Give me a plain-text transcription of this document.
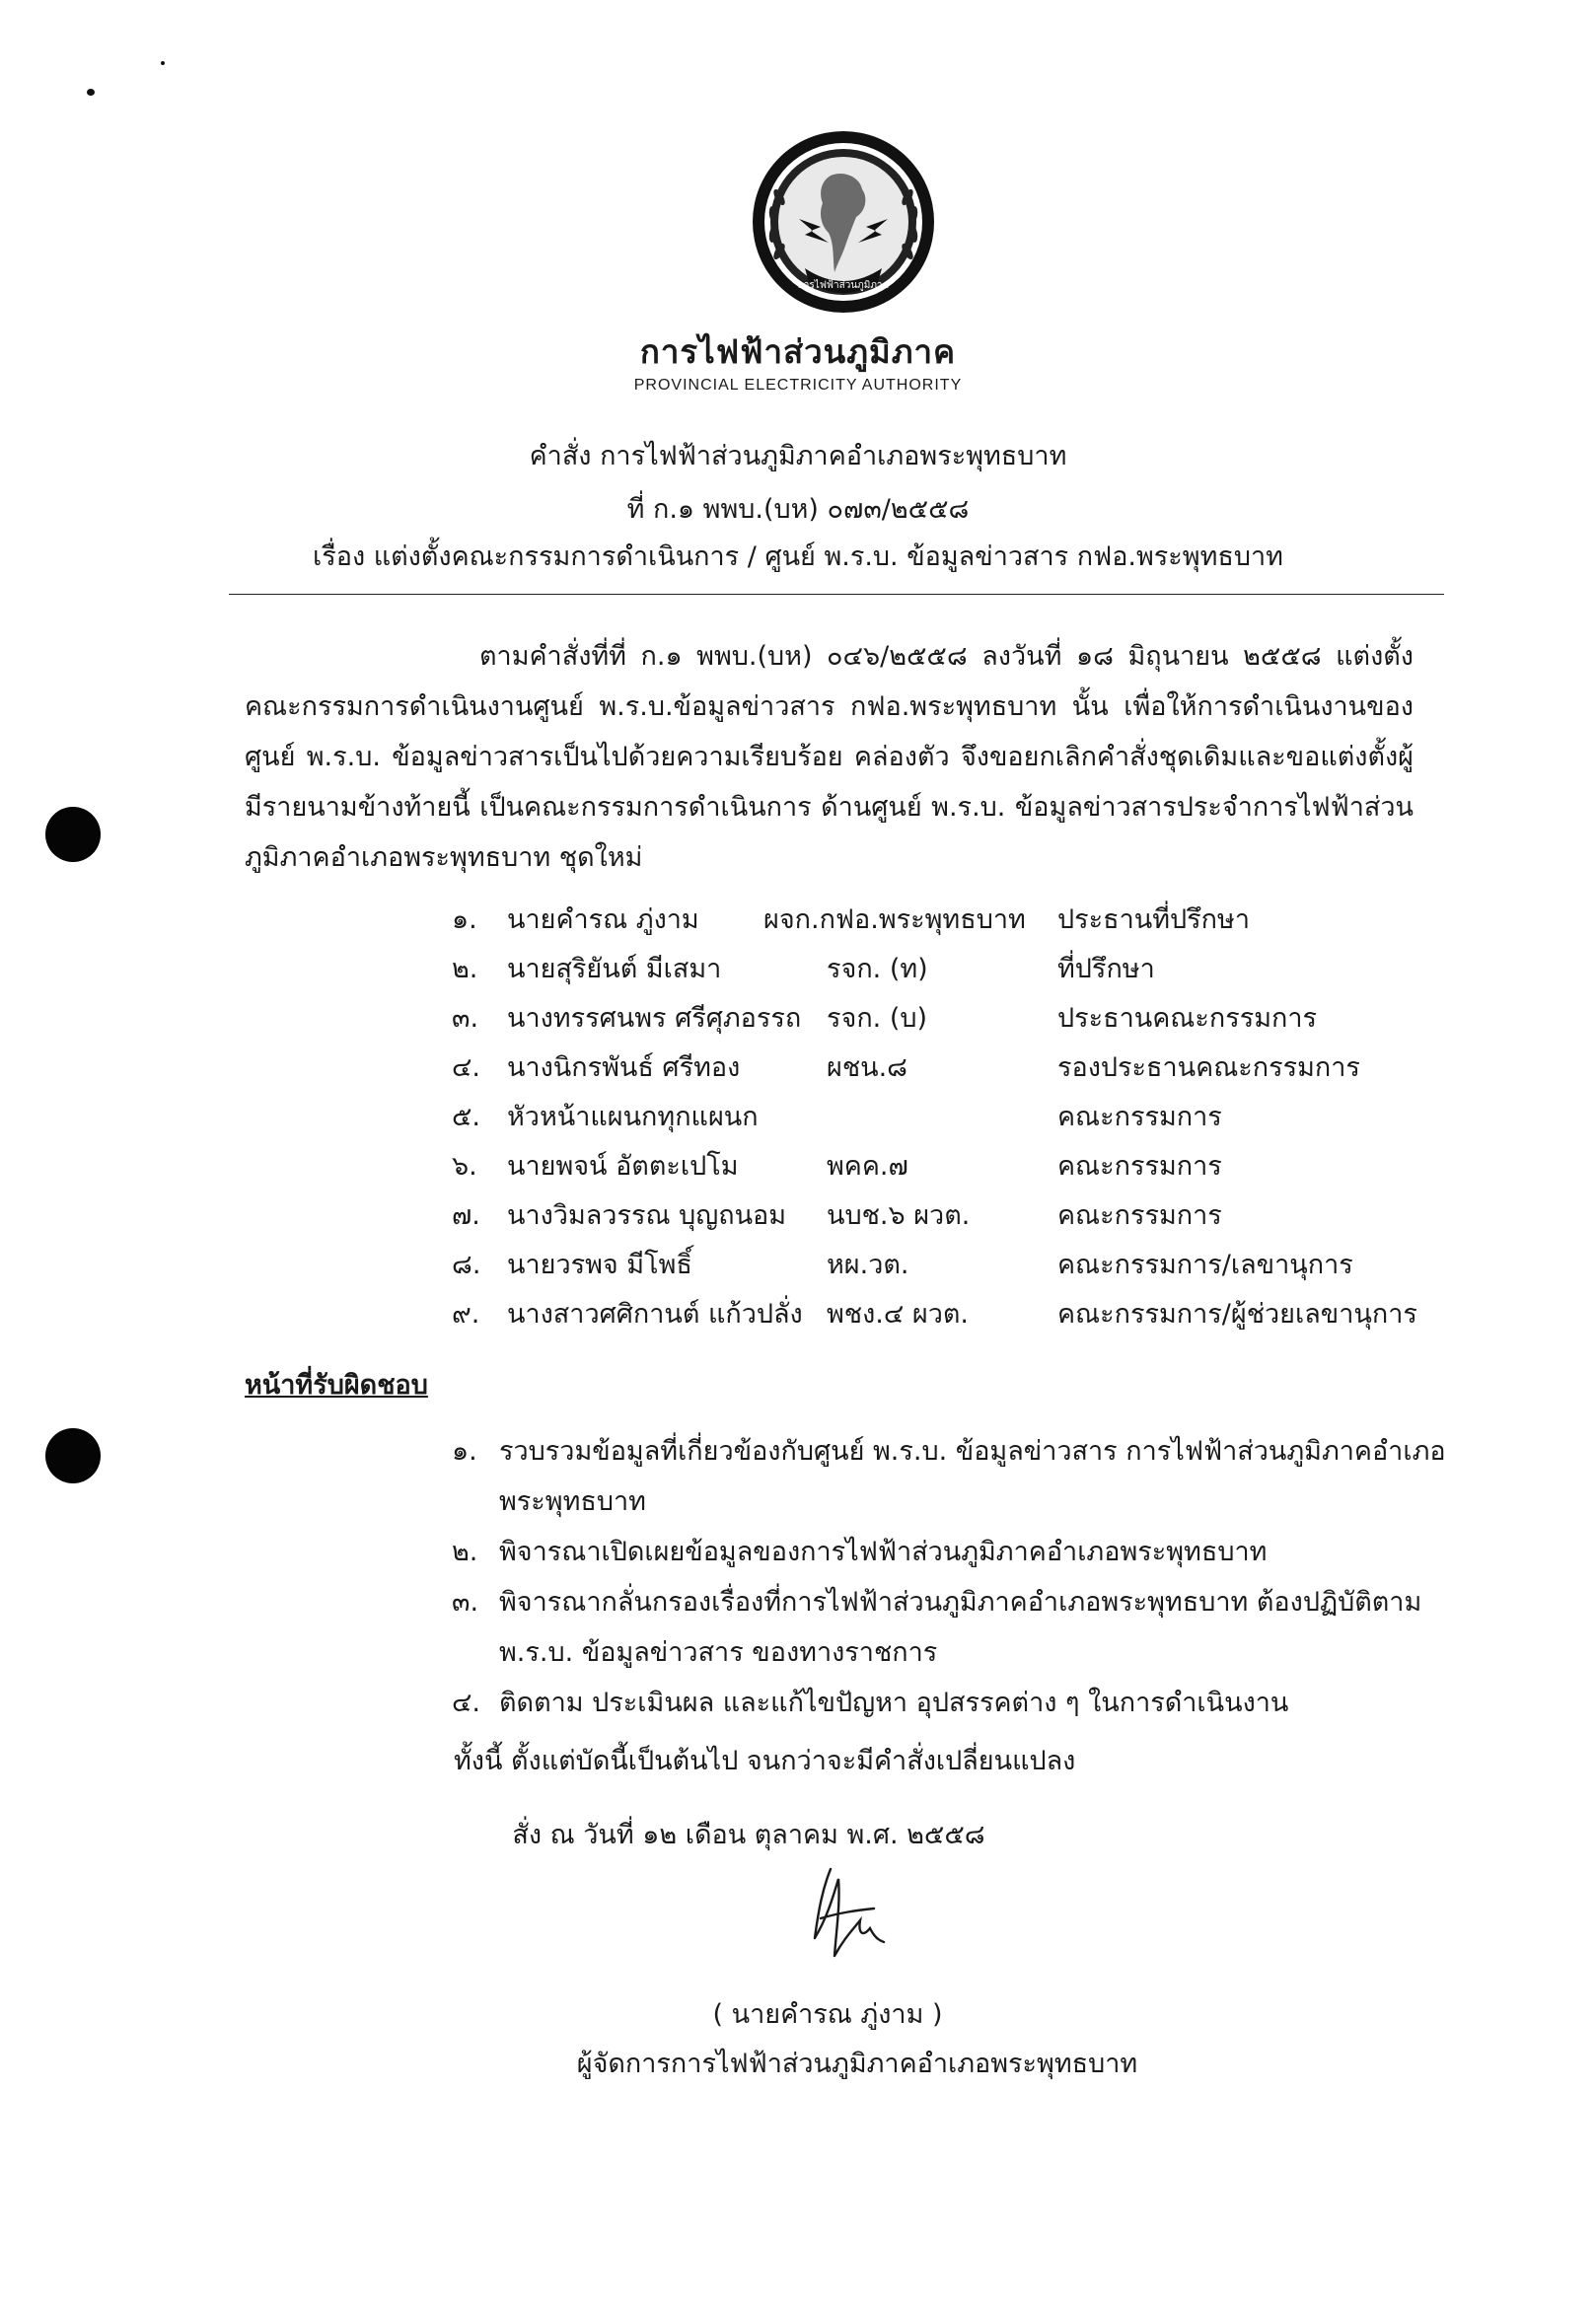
การไฟฟ้าส่วนภูมิภาค
การไฟฟ้าส่วนภูมิภาค
PROVINCIAL ELECTRICITY AUTHORITY
คำสั่ง การไฟฟ้าส่วนภูมิภาคอำเภอพระพุทธบาท
ที่ ก.๑ พพบ.(บห) ๐๗๓/๒๕๕๘
เรื่อง แต่งตั้งคณะกรรมการดำเนินการ / ศูนย์ พ.ร.บ. ข้อมูลข่าวสาร กฟอ.พระพุทธบาท
ตามคำสั่งที่ที่ ก.๑ พพบ.(บห) ๐๔๖/๒๕๕๘ ลงวันที่ ๑๘ มิถุนายน ๒๕๕๘ แต่งตั้งคณะกรรมการดำเนินงานศูนย์ พ.ร.บ.ข้อมูลข่าวสาร กฟอ.พระพุทธบาท นั้น เพื่อให้การดำเนินงานของศูนย์ พ.ร.บ. ข้อมูลข่าวสารเป็นไปด้วยความเรียบร้อย คล่องตัว จึงขอยกเลิกคำสั่งชุดเดิมและขอแต่งตั้งผู้มีรายนามข้างท้ายนี้ เป็นคณะกรรมการดำเนินการ ด้านศูนย์ พ.ร.บ. ข้อมูลข่าวสารประจำการไฟฟ้าส่วนภูมิภาคอำเภอพระพุทธบาท ชุดใหม่
๑. นายคำรณ ภู่งาม ผจก.กฟอ.พระพุทธบาท ประธานที่ปรึกษา
๒. นายสุริยันต์ มีเสมา	รจก. (ท)	ที่ปรึกษา
๓. นางทรรศนพร ศรีศุภอรรถ รจก. (บ)	ประธานคณะกรรมการ
๔. นางนิกรพันธ์ ศรีทอง	ผชน.๘	รองประธานคณะกรรมการ
๕. หัวหน้าแผนกทุกแผนก	คณะกรรมการ
๖. นายพจน์ อัตตะเปโม	พคค.๗	คณะกรรมการ
๗. นางวิมลวรรณ บุญถนอม นบช.๖ ผวต.	คณะกรรมการ
๘. นายวรพจ มีโพธิ์	หผ.วต.	คณะกรรมการ/เลขานุการ
๙. นางสาวศศิกานต์ แก้วปลั่ง พชง.๔ ผวต.	คณะกรรมการ/ผู้ช่วยเลขานุการ
หน้าที่รับผิดชอบ
๑. รวบรวมข้อมูลที่เกี่ยวข้องกับศูนย์ พ.ร.บ. ข้อมูลข่าวสาร การไฟฟ้าส่วนภูมิภาคอำเภอพระพุทธบาท
๒. พิจารณาเปิดเผยข้อมูลของการไฟฟ้าส่วนภูมิภาคอำเภอพระพุทธบาท
๓. พิจารณากลั่นกรองเรื่องที่การไฟฟ้าส่วนภูมิภาคอำเภอพระพุทธบาท ต้องปฏิบัติตาม พ.ร.บ. ข้อมูลข่าวสาร ของทางราชการ
๔. ติดตาม ประเมินผล และแก้ไขปัญหา อุปสรรคต่าง ๆ ในการดำเนินงาน
ทั้งนี้ ตั้งแต่บัดนี้เป็นต้นไป จนกว่าจะมีคำสั่งเปลี่ยนแปลง
สั่ง ณ วันที่ ๑๒ เดือน ตุลาคม พ.ศ. ๒๕๕๘
( นายคำรณ ภู่งาม )
ผู้จัดการการไฟฟ้าส่วนภูมิภาคอำเภอพระพุทธบาท
